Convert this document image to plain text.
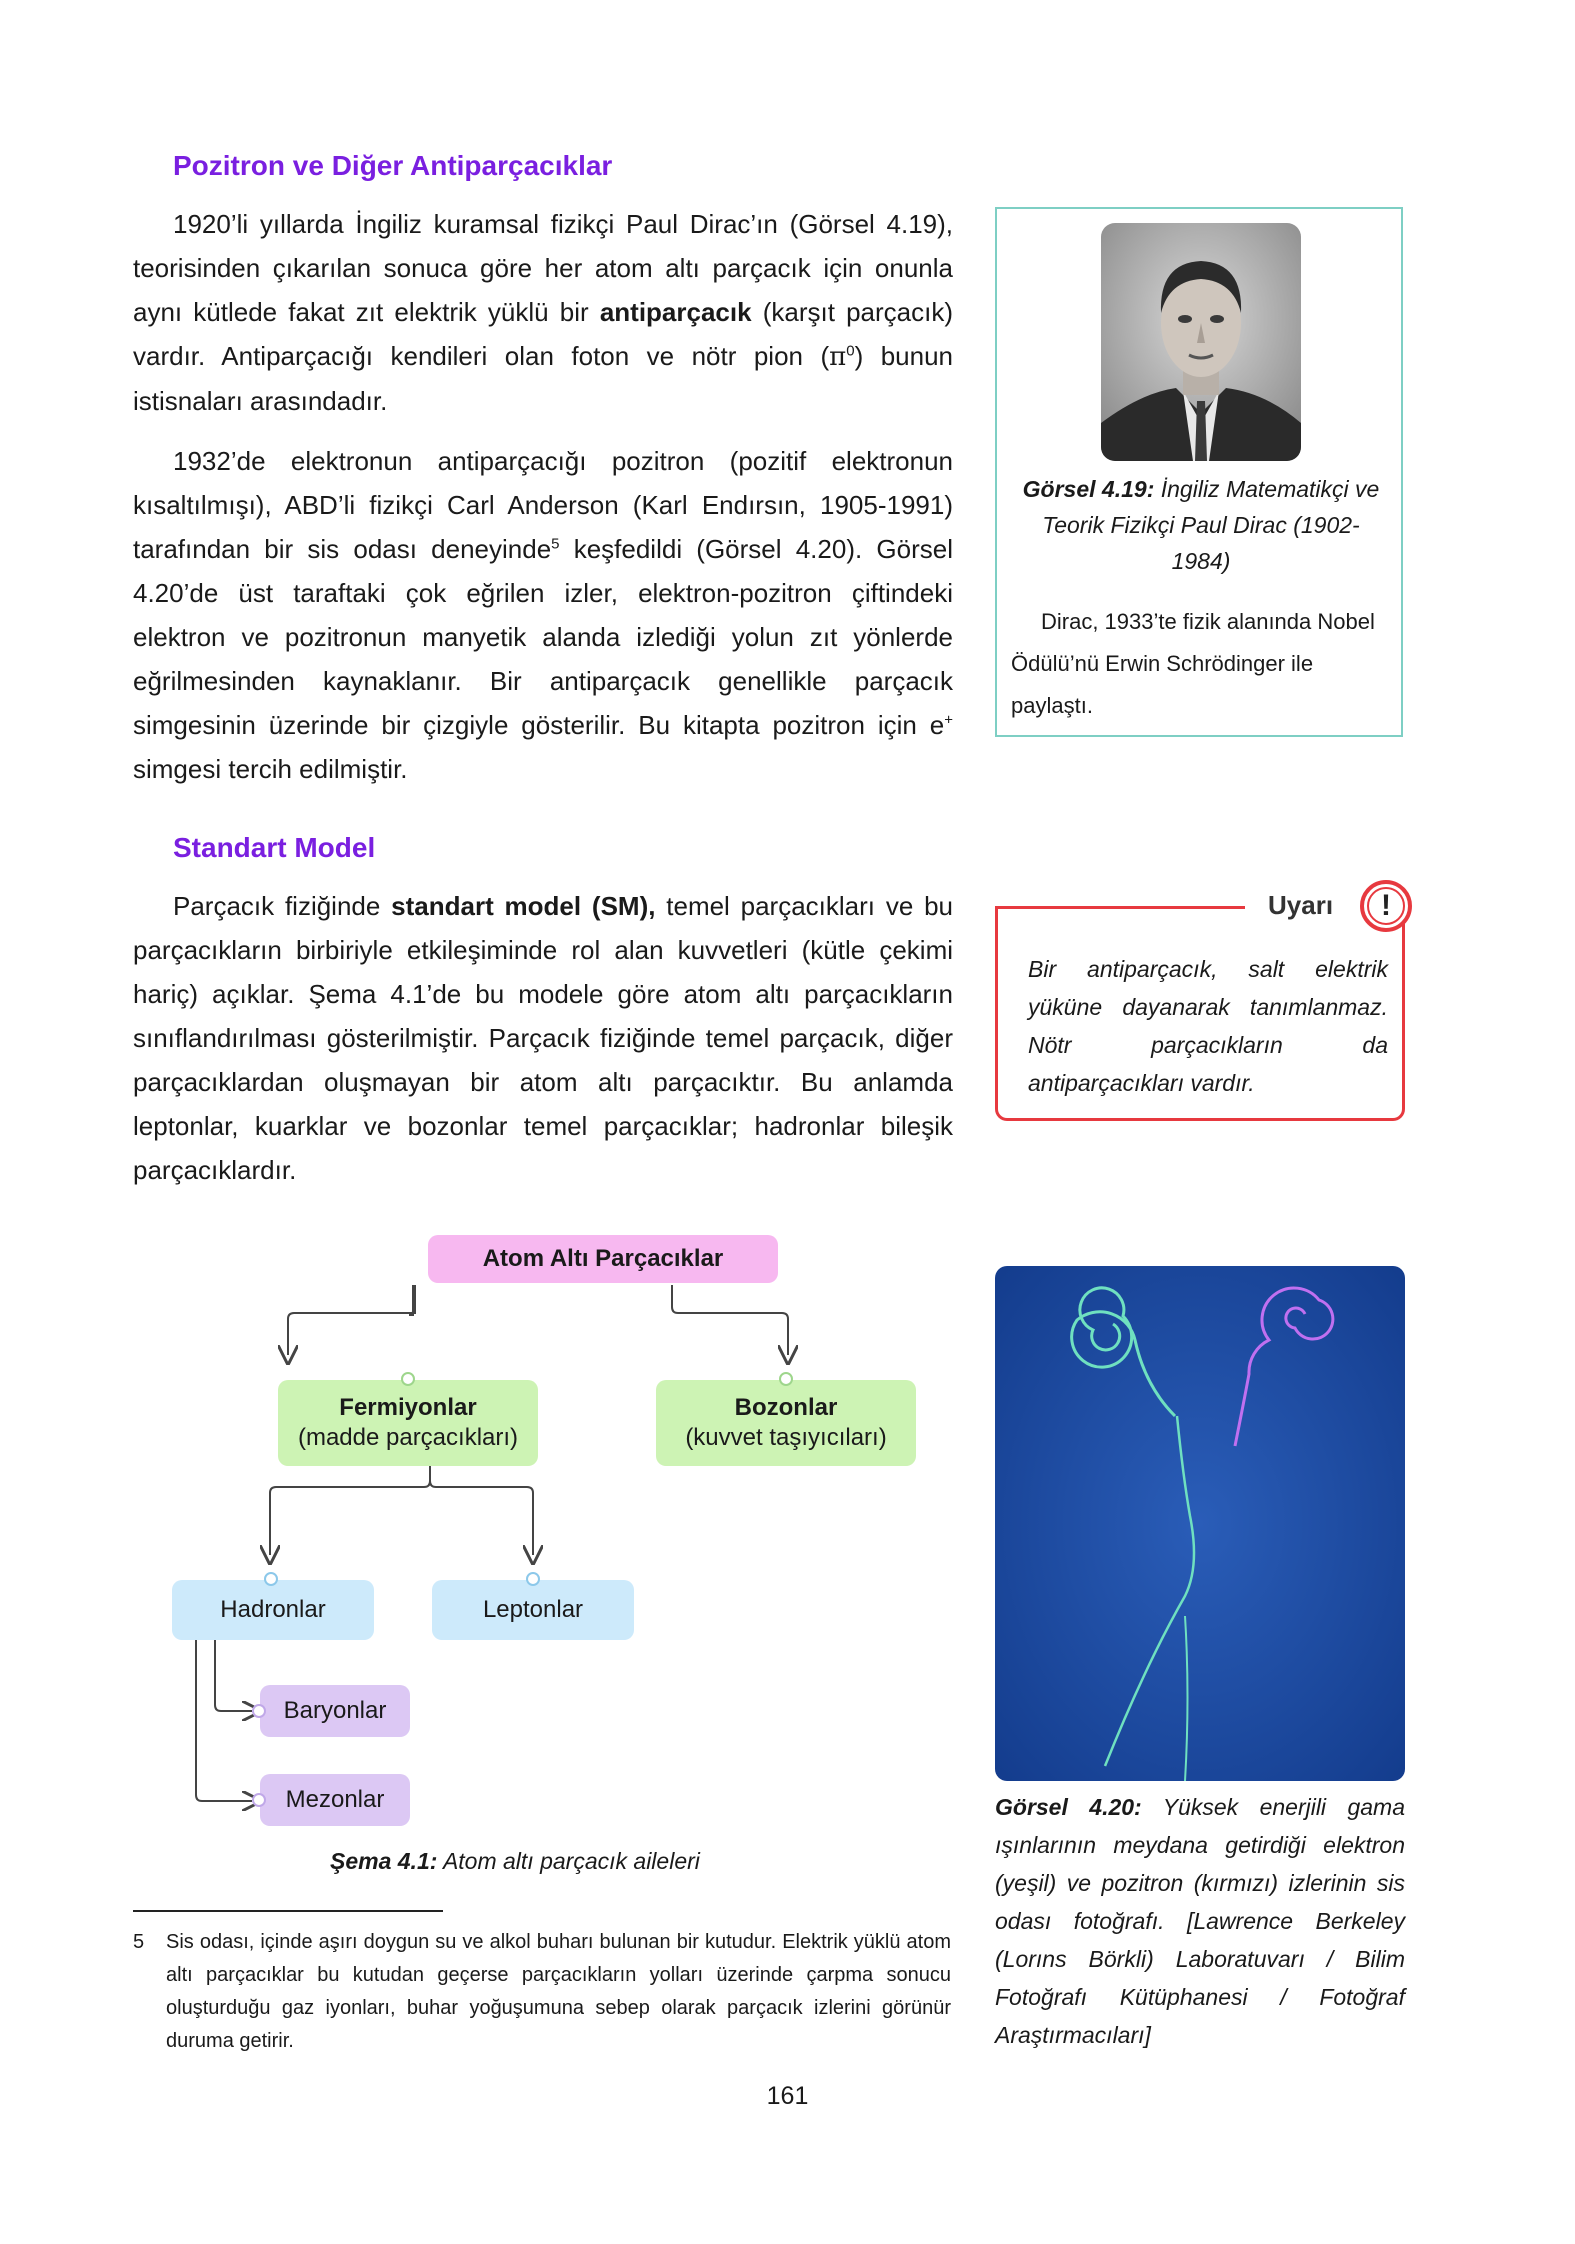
Pozitron ve Diğer Antiparçacıklar

1920’li yıllarda İngiliz kuramsal fizikçi Paul Dirac’ın (Görsel 4.19), teorisinden çıkarılan sonuca göre her atom altı parçacık için onunla aynı kütlede fakat zıt elektrik yüklü bir antiparçacık (karşıt parçacık) vardır. Antiparçacığı kendileri olan foton ve nötr pion $(\pi^0)$ bunun istisnaları arasındadır.

1932’de elektronun antiparçacığı pozitron (pozitif elektronun kısaltılmışı), ABD’li fizikçi Carl Anderson (Karl Endırsın, 1905-1991) tarafından bir sis odası deneyinde$^5$ keşfedildi (Görsel 4.20). Görsel 4.20’de üst taraftaki çok eğrilen izler, elektron-pozitron çiftindeki elektron ve pozitronun manyetik alanda izlediği yolun zıt yönlerde eğrilmesinden kaynaklanır. Bir antiparçacık genellikle parçacık simgesinin üzerinde bir çizgiyle gösterilir. Bu kitapta pozitron için e+ simgesi tercih edilmiştir.

Görsel 4.19: İngiliz Matematikçi ve Teorik Fizikçi Paul Dirac (1902-1984)
Dirac, 1933’te fizik alanında Nobel Ödülü’nü Erwin Schrödinger ile paylaştı.
Standart Model

Parçacık fiziğinde standart model (SM), temel parçacıkları ve bu parçacıkların birbiriyle etkileşiminde rol alan kuvvetleri (kütle çekimi hariç) açıklar. Şema 4.1’de bu modele göre atom altı parçacıkların sınıflandırılması gösterilmiştir. Parçacık fiziğinde temel parçacık, diğer parçacıklardan oluşmayan bir atom altı parçacıktır. Bu anlamda leptonlar, kuarklar ve bozonlar temel parçacıklar; hadronlar bileşik parçacıklardır.

Bir antiparçacık, salt elektrik yüküne dayanarak tanımlanmaz. Nötr parçacıkların da antiparçacıkları vardır.
Uyarı	!
Atom Altı Parçacıklar
Fermiyonlar
(madde parçacıkları)
Bozonlar
(kuvvet taşıyıcıları)
Hadronlar	Leptonlar
Baryonlar
Mezonlar
Şema 4.1: Atom altı parçacık aileleri
Görsel 4.20: Yüksek enerjili gama ışınlarının meydana getirdiği elektron (yeşil) ve pozitron (kırmızı) izlerinin sis odası fotoğrafı. [Lawrence Berkeley (Lorıns Börkli) Laboratuvarı / Bilim Fotoğrafı Kütüphanesi / Fotoğraf Araştırmacıları]
5 Sis odası, içinde aşırı doygun su ve alkol buharı bulunan bir kutudur. Elektrik yüklü atom altı parçacıklar bu kutudan geçerse parçacıkların yolları üzerinde çarpma sonucu oluşturduğu gaz iyonları, buhar yoğuşumuna sebep olarak parçacık izlerini görünür duruma getirir.
161
